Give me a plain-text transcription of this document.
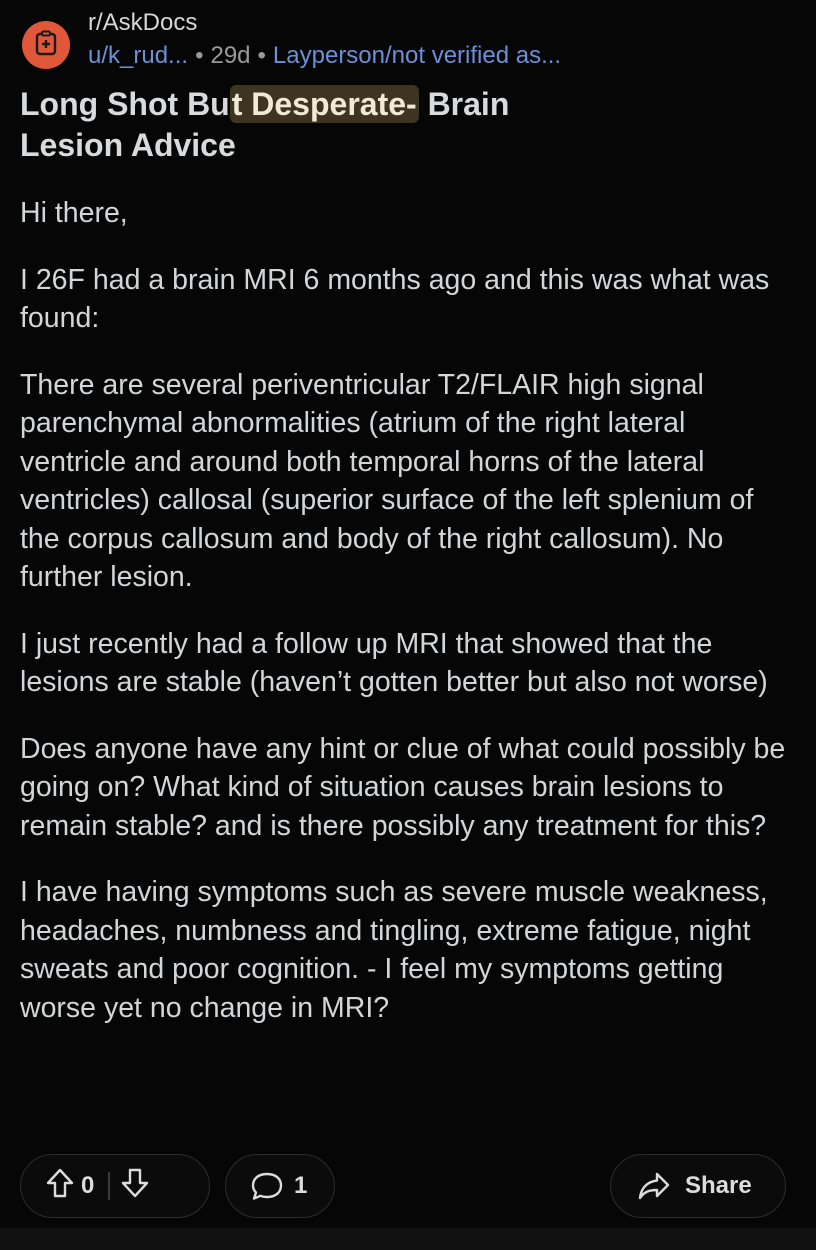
r/AskDocs
u/k_rud... • 29d • Layperson/not verified as...
Long Shot But Desperate- Brain Lesion Advice

Hi there,

I 26F had a brain MRI 6 months ago and this was what was found:

There are several periventricular T2/FLAIR high signal parenchymal abnormalities (atrium of the right lateral ventricle and around both temporal horns of the lateral ventricles) callosal (superior surface of the left splenium of the corpus callosum and body of the right callosum). No further lesion.

I just recently had a follow up MRI that showed that the lesions are stable (haven’t gotten better but also not worse)

Does anyone have any hint or clue of what could possibly be going on? What kind of situation causes brain lesions to remain stable? and is there possibly any treatment for this?

I have having symptoms such as severe muscle weakness, headaches, numbness and tingling, extreme fatigue, night sweats and poor cognition. - I feel my symptoms getting worse yet no change in MRI?

0	1	Share
